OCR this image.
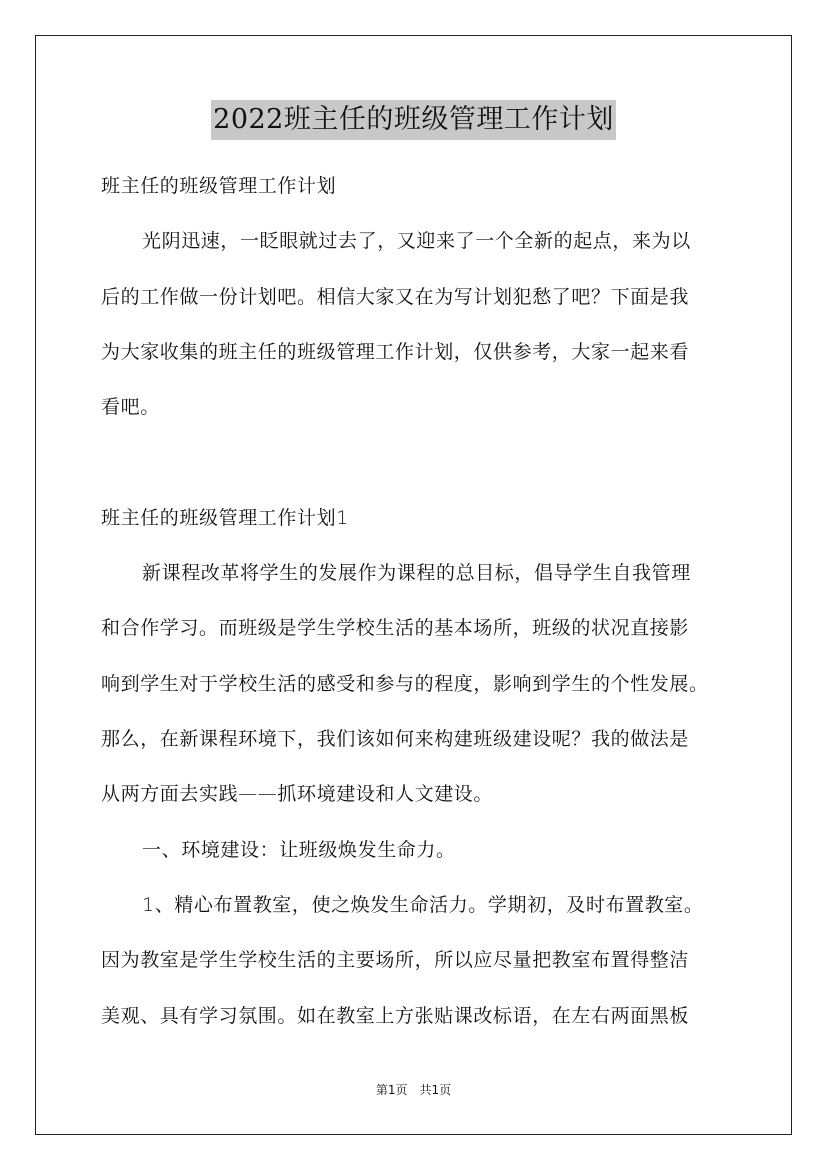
2022班主任的班级管理工作计划
班主任的班级管理工作计划
光阴迅速，一眨眼就过去了，又迎来了一个全新的起点，来为以
后的工作做一份计划吧。相信大家又在为写计划犯愁了吧？下面是我
为大家收集的班主任的班级管理工作计划，仅供参考，大家一起来看
看吧。
班主任的班级管理工作计划1
新课程改革将学生的发展作为课程的总目标，倡导学生自我管理
和合作学习。而班级是学生学校生活的基本场所，班级的状况直接影
响到学生对于学校生活的感受和参与的程度，影响到学生的个性发展。
那么，在新课程环境下，我们该如何来构建班级建设呢？我的做法是
从两方面去实践——抓环境建设和人文建设。
一、环境建设：让班级焕发生命力。
1、精心布置教室，使之焕发生命活力。学期初，及时布置教室。
因为教室是学生学校生活的主要场所，所以应尽量把教室布置得整洁
美观、具有学习氛围。如在教室上方张贴课改标语，在左右两面黑板
第1页　共1页
